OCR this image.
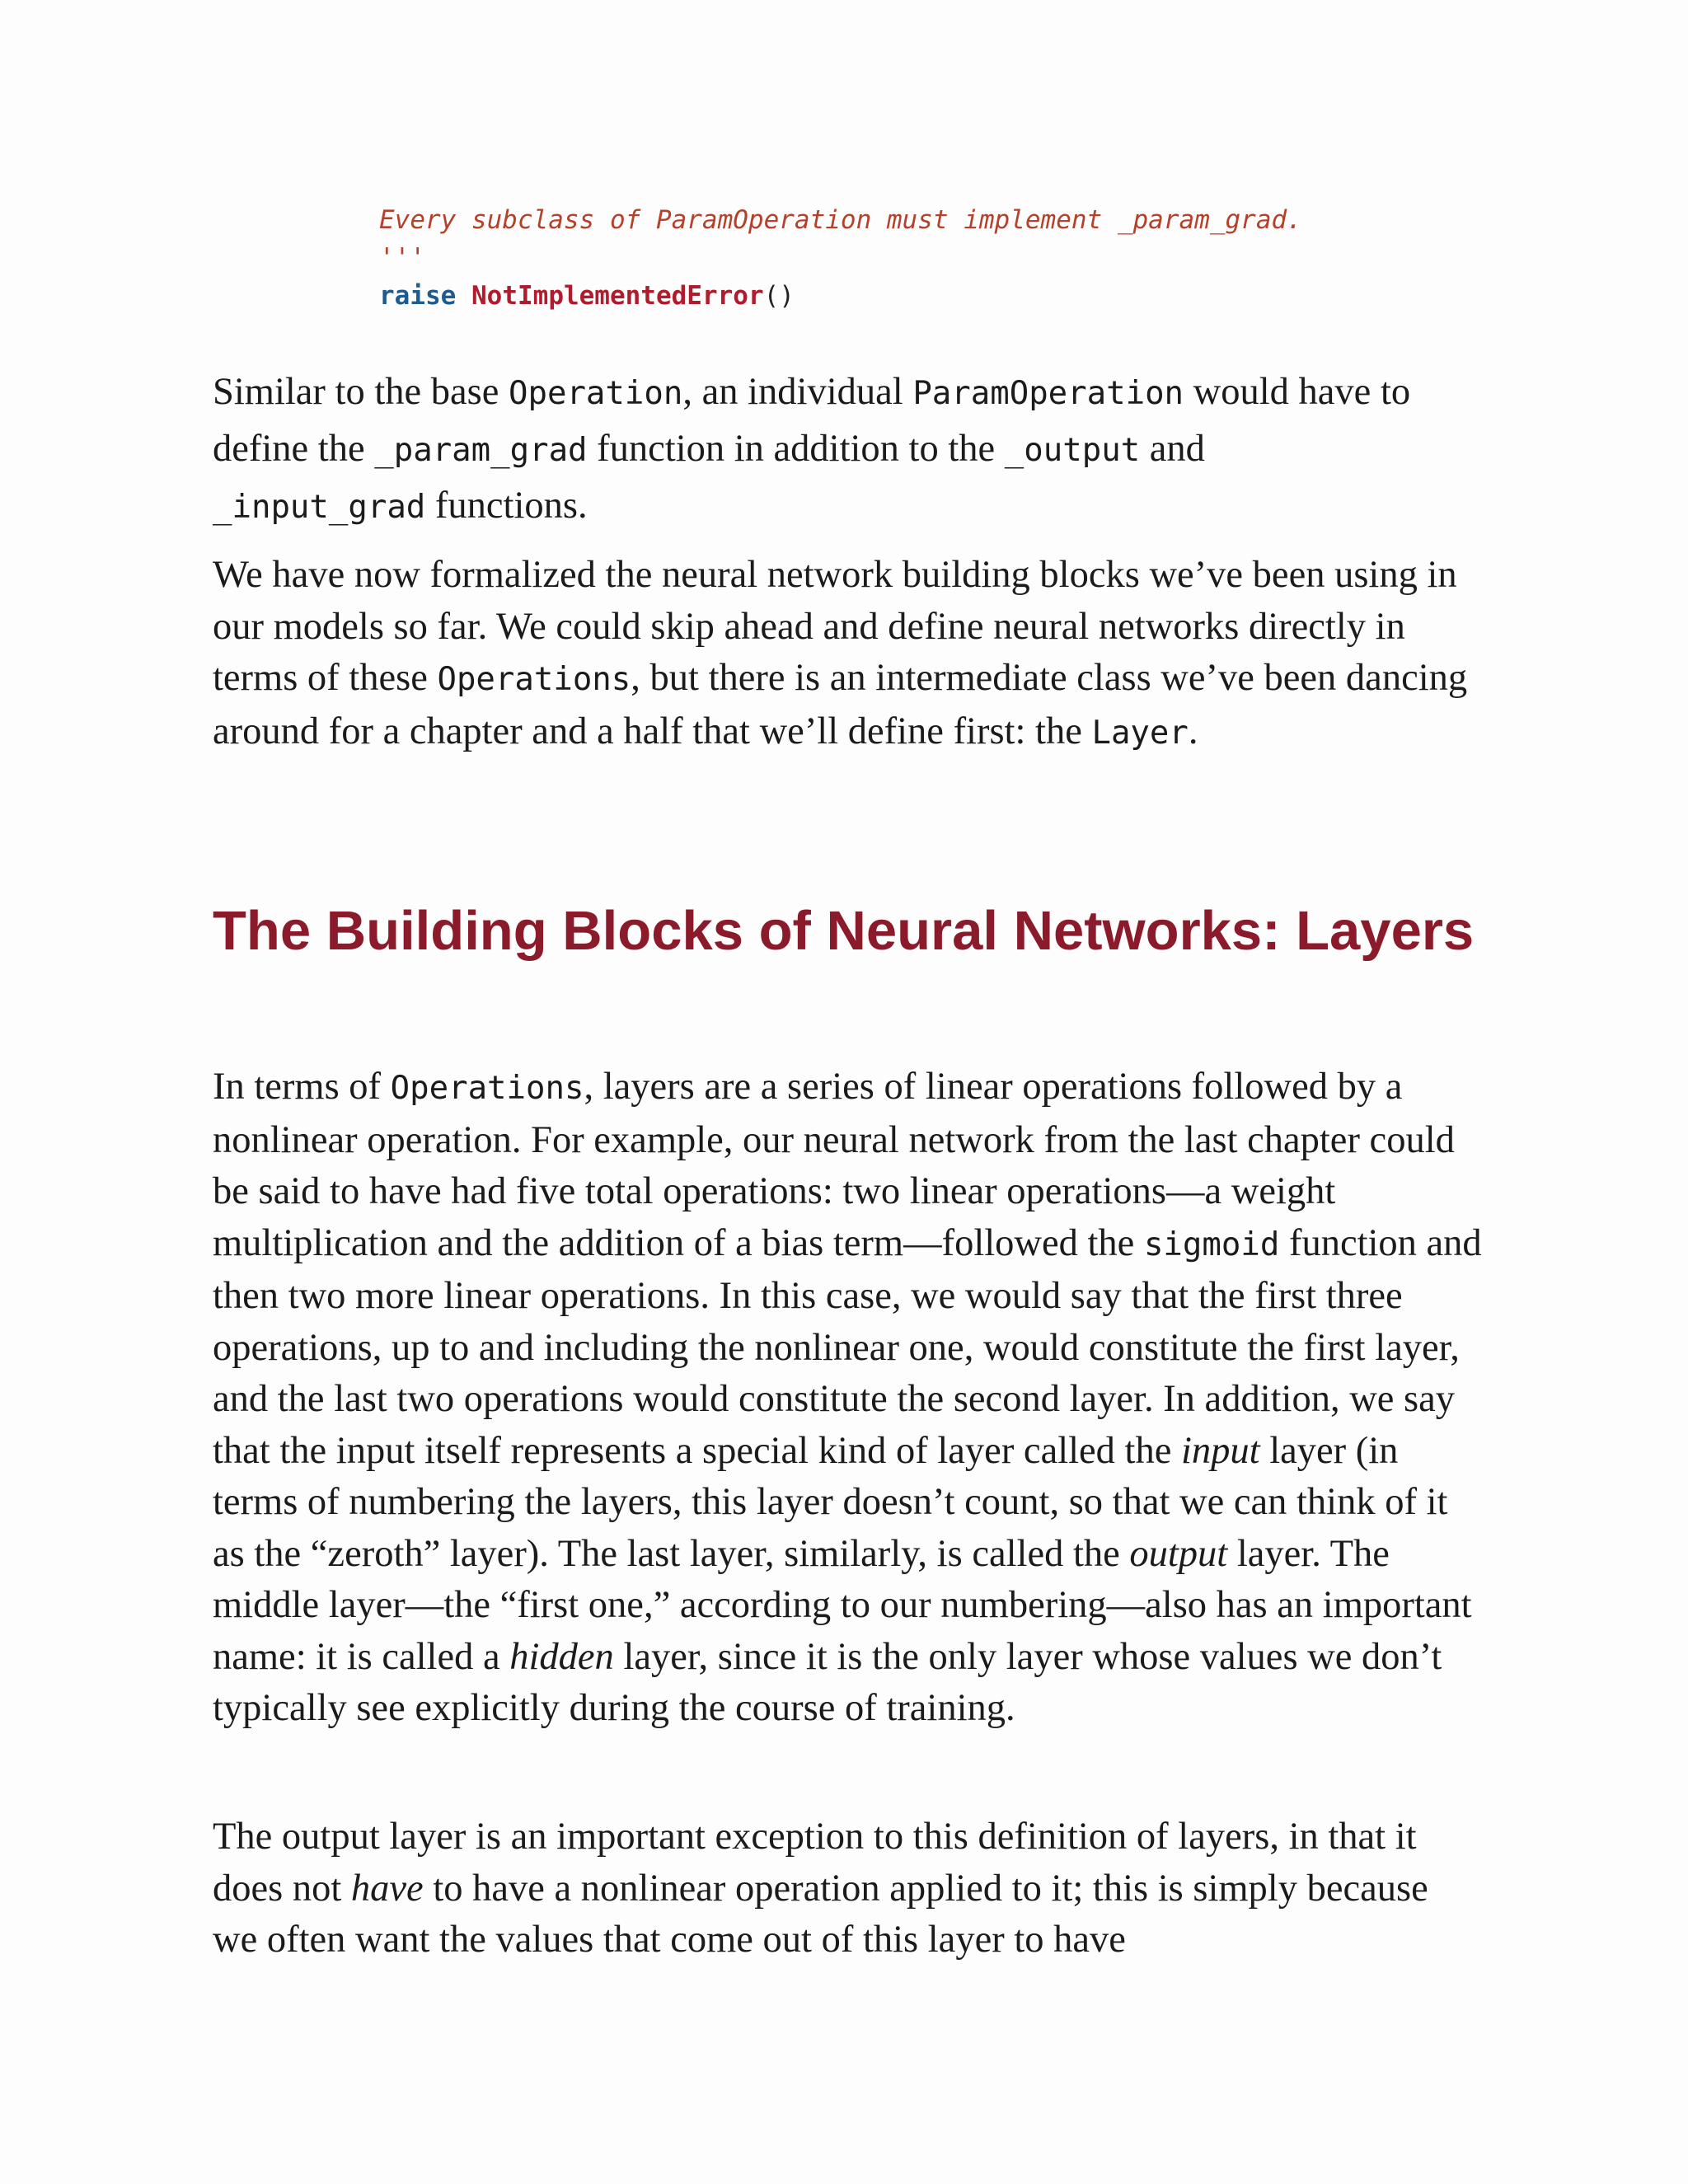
Every subclass of ParamOperation must implement _param_grad.
'''
raise NotImplementedError()

Similar to the base Operation, an individual ParamOperation would have to define the _param_grad function in addition to the _output and
_input_grad functions.

We have now formalized the neural network building blocks we’ve been using in our models so far. We could skip ahead and define neural networks directly in terms of these Operations, but there is an intermediate class we’ve been dancing around for a chapter and a half that we’ll define first: the Layer.

The Building Blocks of Neural Networks: Layers

In terms of Operations, layers are a series of linear operations followed by a nonlinear operation. For example, our neural network from the last chapter could be said to have had five total operations: two linear operations—a weight multiplication and the addition of a bias term—followed the sigmoid function and then two more linear operations. In this case, we would say that the first three operations, up to and including the nonlinear one, would constitute the first layer, and the last two operations would constitute the second layer. In addition, we say that the input itself represents a special kind of layer called the input layer (in terms of numbering the layers, this layer doesn’t count, so that we can think of it as the “zeroth” layer). The last layer, similarly, is called the output layer. The middle layer—the “first one,” according to our numbering—also has an important name: it is called a hidden layer, since it is the only layer whose values we don’t typically see explicitly during the course of training.

The output layer is an important exception to this definition of layers, in that it does not have to have a nonlinear operation applied to it; this is simply because we often want the values that come out of this layer to have
